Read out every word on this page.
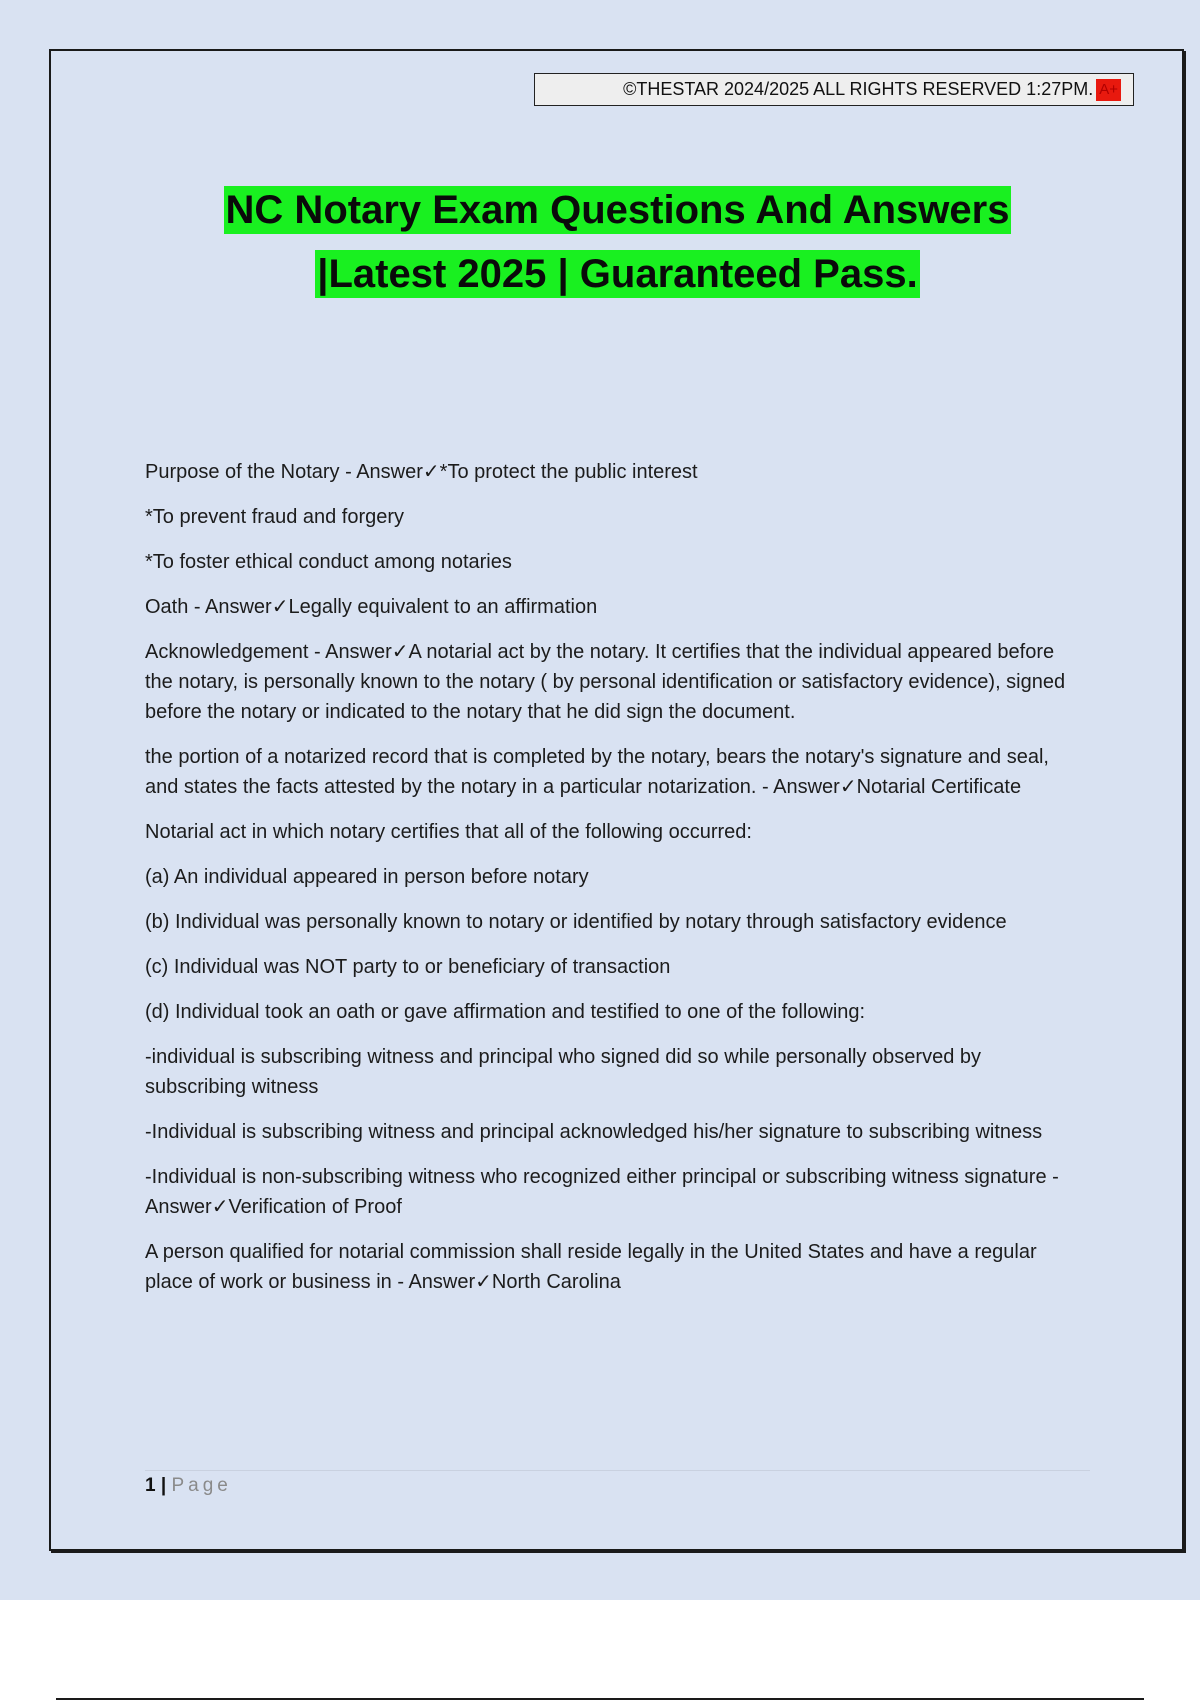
©THESTAR 2024/2025 ALL RIGHTS RESERVED 1:27PM. A+
NC Notary Exam Questions And Answers
|Latest 2025 | Guaranteed Pass.

Purpose of the Notary - Answer✓*To protect the public interest

*To prevent fraud and forgery

*To foster ethical conduct among notaries

Oath - Answer✓Legally equivalent to an affirmation

Acknowledgement - Answer✓A notarial act by the notary. It certifies that the individual appeared before the notary, is personally known to the notary ( by personal identification or satisfactory evidence), signed before the notary or indicated to the notary that he did sign the document.

the portion of a notarized record that is completed by the notary, bears the notary's signature and seal, and states the facts attested by the notary in a particular notarization. - Answer✓Notarial Certificate

Notarial act in which notary certifies that all of the following occurred:

(a) An individual appeared in person before notary

(b) Individual was personally known to notary or identified by notary through satisfactory evidence

(c) Individual was NOT party to or beneficiary of transaction

(d) Individual took an oath or gave affirmation and testified to one of the following:

-individual is subscribing witness and principal who signed did so while personally observed by subscribing witness

-Individual is subscribing witness and principal acknowledged his/her signature to subscribing witness

-Individual is non-subscribing witness who recognized either principal or subscribing witness signature - Answer✓Verification of Proof

A person qualified for notarial commission shall reside legally in the United States and have a regular place of work or business in - Answer✓North Carolina

1 | Page
